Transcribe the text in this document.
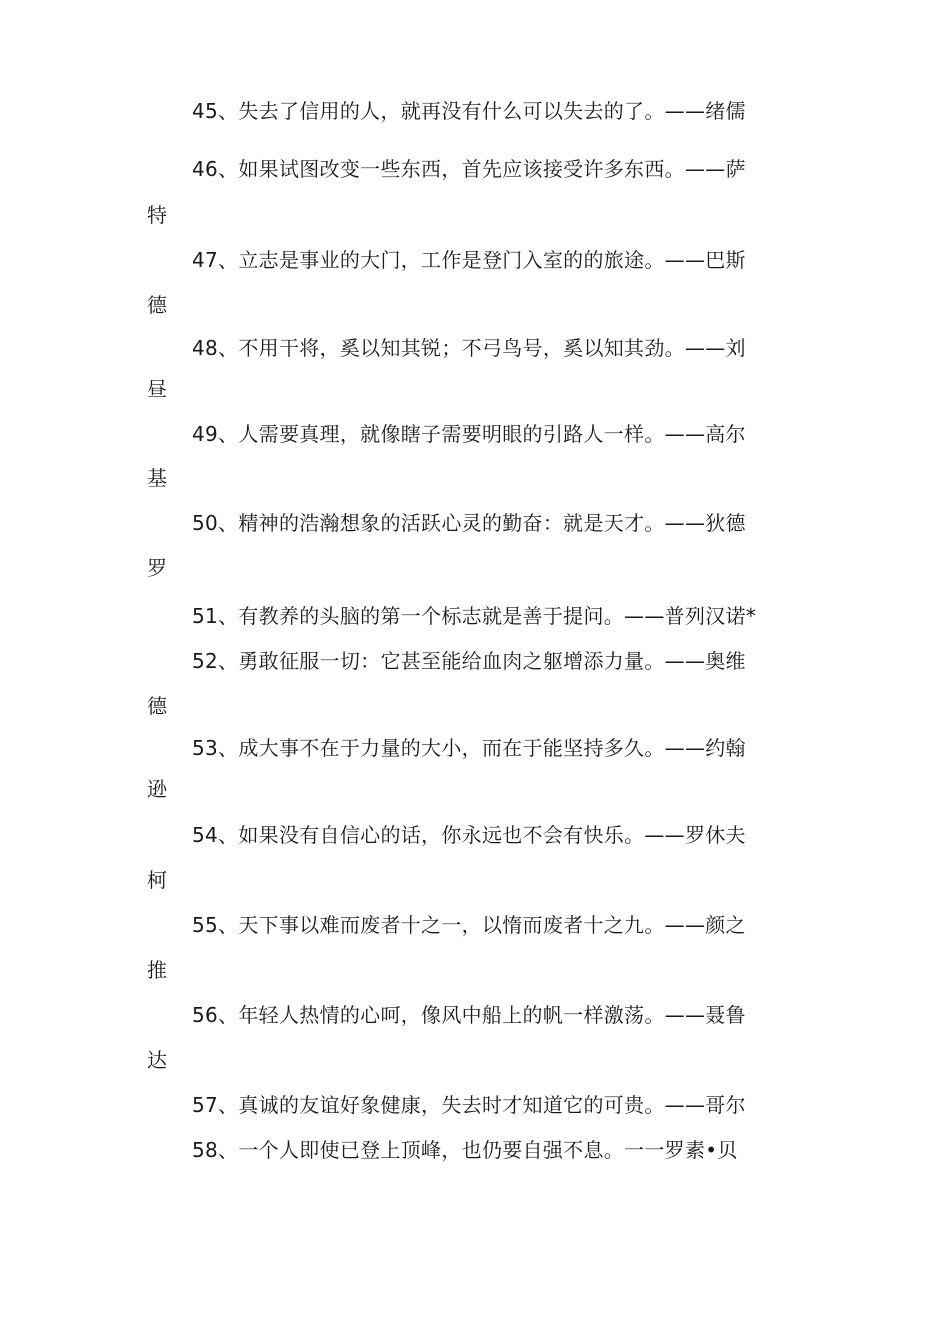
45、失去了信用的人，就再没有什么可以失去的了。——绪儒
46、如果试图改变一些东西，首先应该接受许多东西。——萨
特
47、立志是事业的大门，工作是登门入室的的旅途。——巴斯
德
48、不用干将，奚以知其锐；不弓鸟号，奚以知其劲。——刘
昼
49、人需要真理，就像瞎子需要明眼的引路人一样。——高尔
基
50、精神的浩瀚想象的活跃心灵的勤奋：就是天才。——狄德
罗
51、有教养的头脑的第一个标志就是善于提问。——普列汉诺*
52、勇敢征服一切：它甚至能给血肉之躯增添力量。——奥维
德
53、成大事不在于力量的大小，而在于能坚持多久。——约翰
逊
54、如果没有自信心的话，你永远也不会有快乐。——罗休夫
柯
55、天下事以难而废者十之一，以惰而废者十之九。——颜之
推
56、年轻人热情的心呵，像风中船上的帆一样激荡。——聂鲁
达
57、真诚的友谊好象健康，失去时才知道它的可贵。——哥尔
58、一个人即使已登上顶峰，也仍要自强不息。一一罗素•贝
